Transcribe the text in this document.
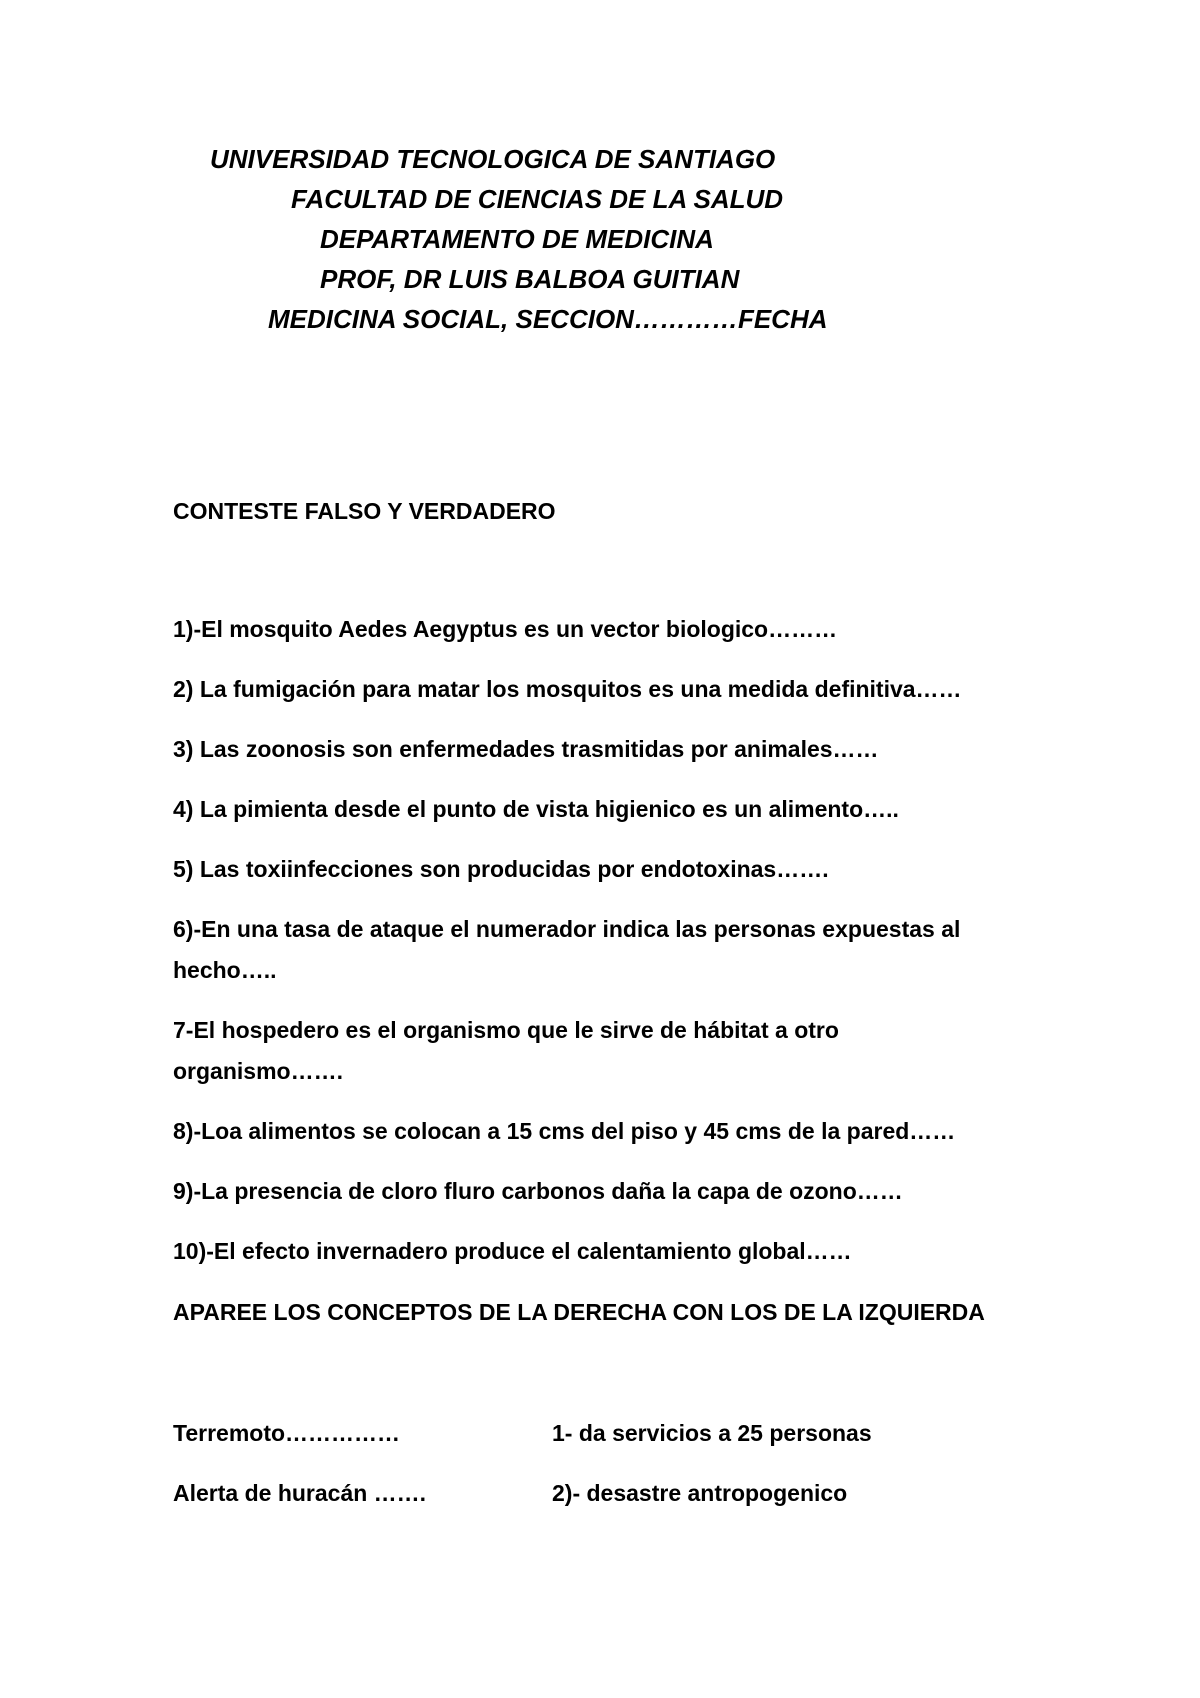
UNIVERSIDAD TECNOLOGICA DE SANTIAGO
FACULTAD DE CIENCIAS DE LA SALUD
DEPARTAMENTO DE MEDICINA
PROF, DR LUIS BALBOA GUITIAN
MEDICINA SOCIAL, SECCION…………FECHA
CONTESTE FALSO Y VERDADERO
1)-El mosquito Aedes Aegyptus es un vector biologico………
2) La fumigación para matar los mosquitos es una medida definitiva……
3) Las zoonosis son enfermedades trasmitidas por animales……
4) La pimienta desde el punto de vista higienico es un alimento…..
5) Las toxiinfecciones son producidas por endotoxinas…….
6)-En una tasa de ataque el numerador indica las personas expuestas al
hecho…..
7-El hospedero es el organismo que le sirve de hábitat a otro
organismo…….
8)-Loa alimentos se colocan a 15 cms del piso y 45 cms de la pared……
9)-La presencia de cloro fluro carbonos daña la capa de ozono……
10)-El efecto invernadero produce el calentamiento global……
APAREE LOS CONCEPTOS DE LA DERECHA CON LOS DE LA IZQUIERDA
Terremoto……………	1- da servicios a 25 personas
Alerta de huracán …….	2)- desastre antropogenico
